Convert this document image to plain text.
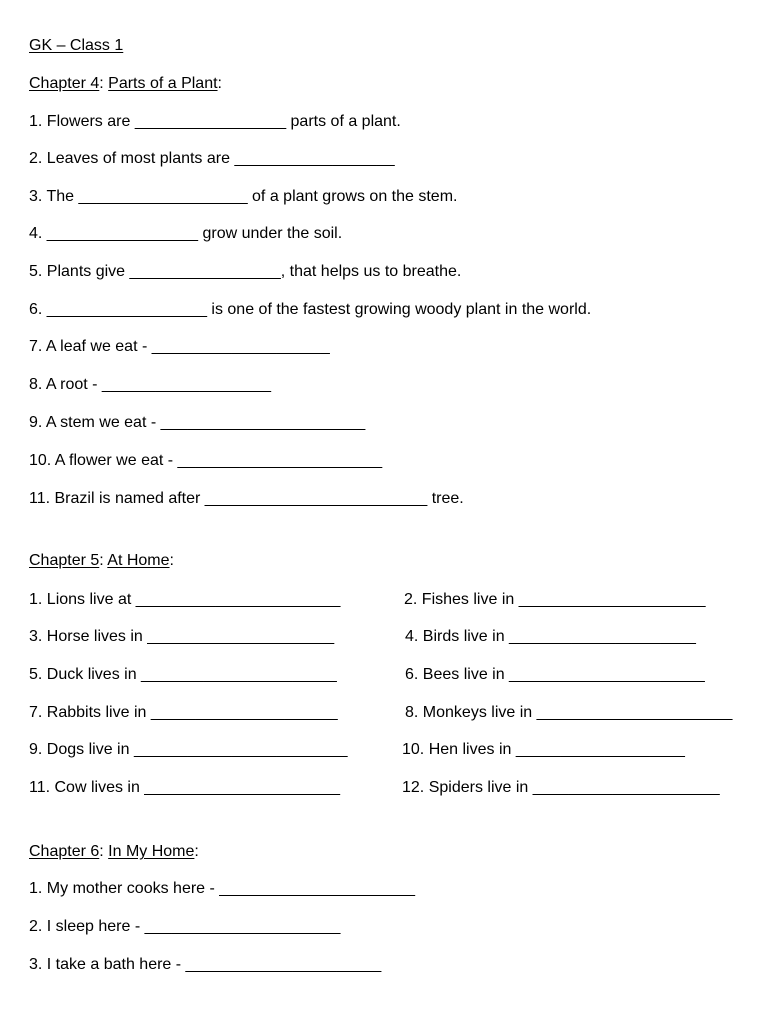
GK – Class 1
Chapter 4: Parts of a Plant:
1. Flowers are _________________ parts of a plant.
2. Leaves of most plants are __________________
3. The ___________________ of a plant grows on the stem.
4. _________________ grow under the soil.
5. Plants give _________________, that helps us to breathe.
6. __________________ is one of the fastest growing woody plant in the world.
7. A leaf we eat - ____________________
8. A root - ___________________
9. A stem we eat - _______________________
10. A flower we eat - _______________________
11. Brazil is named after _________________________ tree.
Chapter 5: At Home:
1. Lions live at _______________________
3. Horse lives in _____________________
5. Duck lives in ______________________
7. Rabbits live in _____________________
9. Dogs live in ________________________
11. Cow lives in ______________________
2. Fishes live in _____________________
4. Birds live in _____________________
6. Bees live in ______________________
8. Monkeys live in ______________________
10. Hen lives in ___________________
12. Spiders live in _____________________
Chapter 6: In My Home:
1. My mother cooks here - ______________________
2. I sleep here - ______________________
3. I take a bath here - ______________________
